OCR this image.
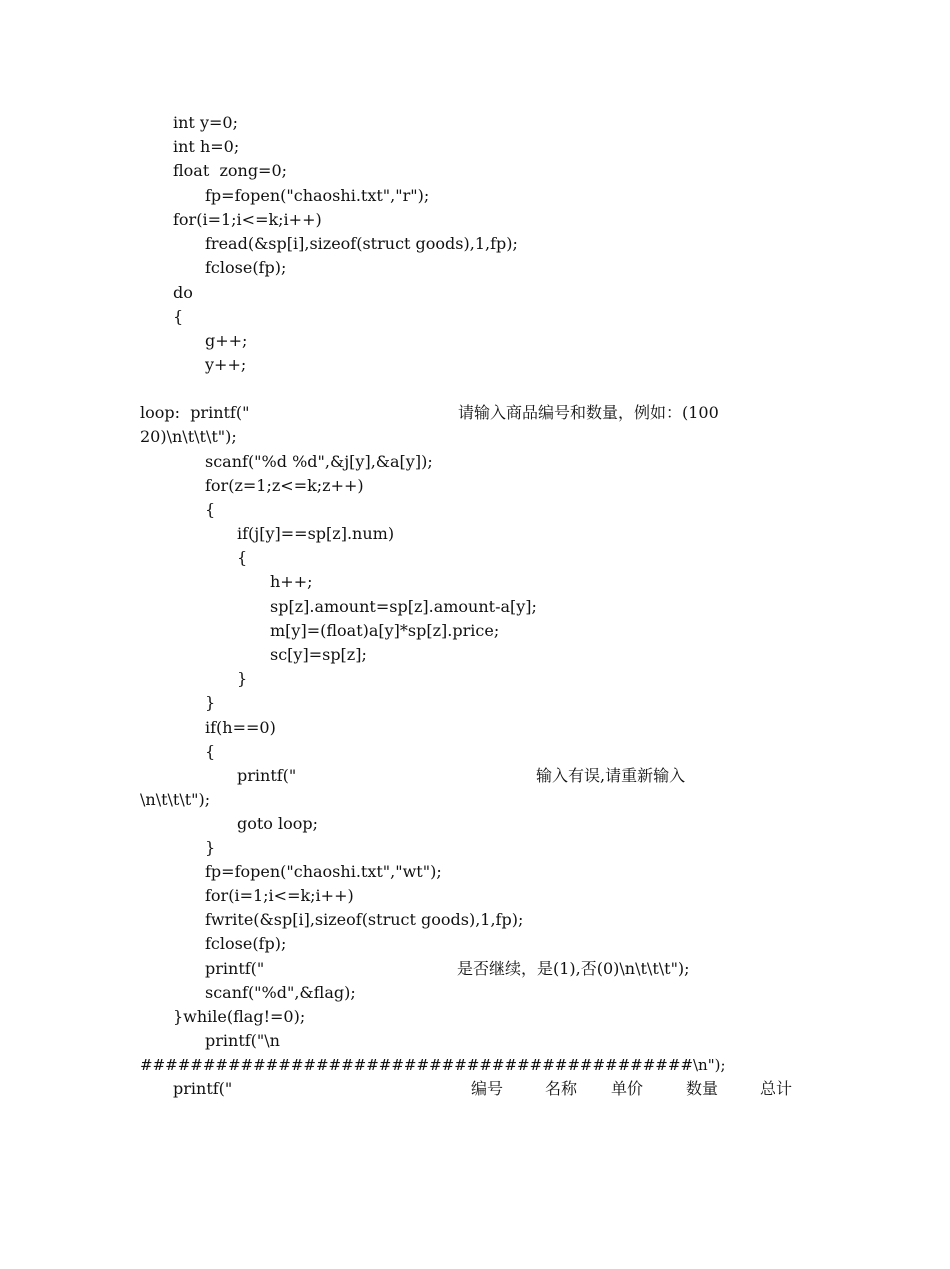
int y=0;
int h=0;
float  zong=0;
fp=fopen("chaoshi.txt","r");
for(i=1;i<=k;i++)
fread(&sp[i],sizeof(struct goods),1,fp);
fclose(fp);
do
{
g++;
y++;

loop:  printf("

	请输入商品编号和数量，例如：(100

20)\n\t\t\t");
scanf("%d %d",&j[y],&a[y]);
for(z=1;z<=k;z++)
{
if(j[y]==sp[z].num)
{
h++;
sp[z].amount=sp[z].amount-a[y];
m[y]=(float)a[y]*sp[z].price;
sc[y]=sp[z];
}
}
if(h==0)
{

printf("

	输入有误,请重新输入

\n\t\t\t");
goto loop;
}
fp=fopen("chaoshi.txt","wt");
for(i=1;i<=k;i++)
fwrite(&sp[i],sizeof(struct goods),1,fp);
fclose(fp);

printf("

	是否继续，是(1),否(0)\n\t\t\t");

scanf("%d",&flag);
}while(flag!=0);
printf("\n
############################################\n");

printf("

	编号

	名称

单价

	数量

	总计
